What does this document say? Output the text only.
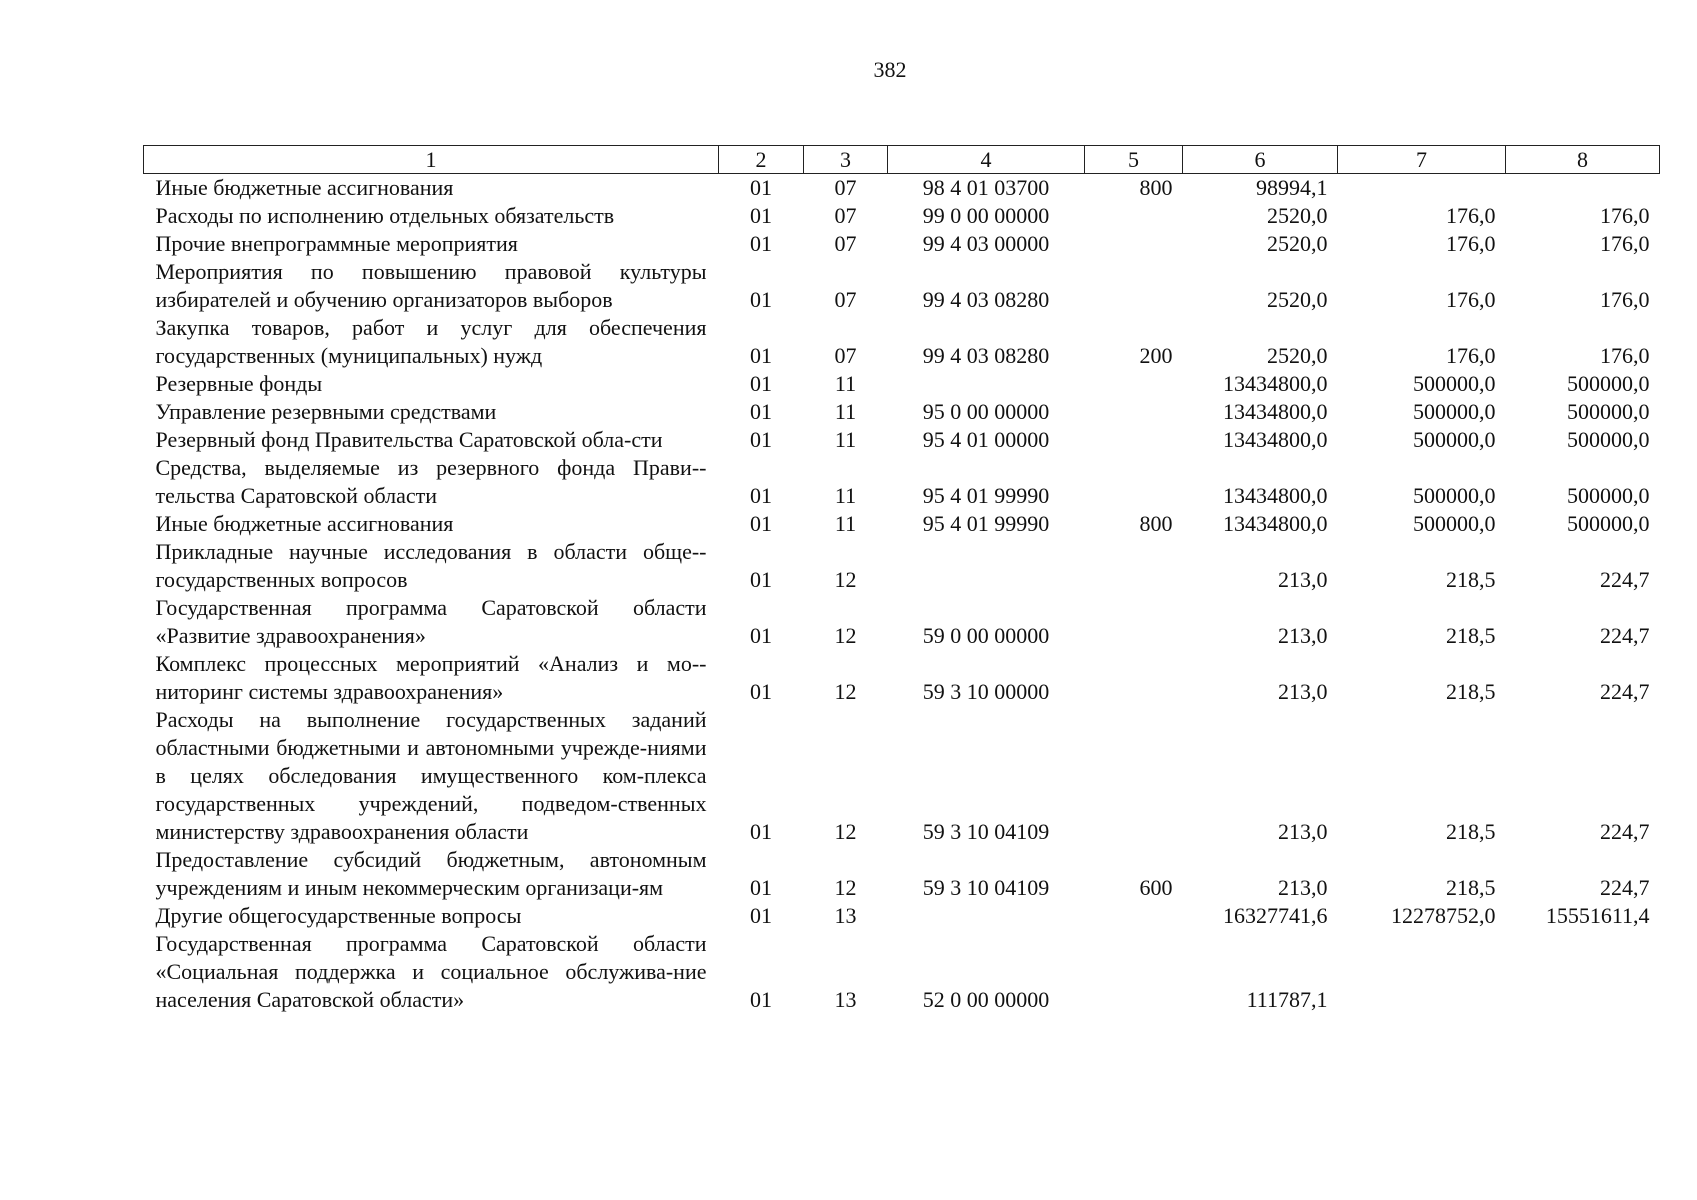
382
1	2	3	4	5	6	7	8
Иные бюджетные ассигнования	01	07	98 4 01 03700	800	98994,1		
Расходы по исполнению отдельных обязательств	01	07	99 0 00 00000		2520,0	176,0	176,0
Прочие внепрограммные мероприятия	01	07	99 4 03 00000		2520,0	176,0	176,0
Мероприятия по повышению правовой культуры избирателей и обучению организаторов выборов	01	07	99 4 03 08280		2520,0	176,0	176,0
Закупка товаров, работ и услуг для обеспечения государственных (муниципальных) нужд	01	07	99 4 03 08280	200	2520,0	176,0	176,0
Резервные фонды	01	11			13434800,0	500000,0	500000,0
Управление резервными средствами	01	11	95 0 00 00000		13434800,0	500000,0	500000,0
Резервный фонд Правительства Саратовской обла-сти	01	11	95 4 01 00000		13434800,0	500000,0	500000,0
Средства, выделяемые из резервного фонда Прави-тельства Саратовской области	01	11	95 4 01 99990		13434800,0	500000,0	500000,0
Иные бюджетные ассигнования	01	11	95 4 01 99990	800	13434800,0	500000,0	500000,0
Прикладные научные исследования в области обще-государственных вопросов	01	12			213,0	218,5	224,7
Государственная программа Саратовской области «Развитие здравоохранения»	01	12	59 0 00 00000		213,0	218,5	224,7
Комплекс процессных мероприятий «Анализ и мо-ниторинг системы здравоохранения»	01	12	59 3 10 00000		213,0	218,5	224,7
Расходы на выполнение государственных заданий областными бюджетными и автономными учрежде-ниями в целях обследования имущественного ком-плекса государственных учреждений, подведом-ственных министерству здравоохранения области	01	12	59 3 10 04109		213,0	218,5	224,7
Предоставление субсидий бюджетным, автономным учреждениям и иным некоммерческим организаци-ям	01	12	59 3 10 04109	600	213,0	218,5	224,7
Другие общегосударственные вопросы	01	13			16327741,6	12278752,0	15551611,4
Государственная программа Саратовской области «Социальная поддержка и социальное обслужива-ние населения Саратовской области»	01	13	52 0 00 00000		111787,1		
